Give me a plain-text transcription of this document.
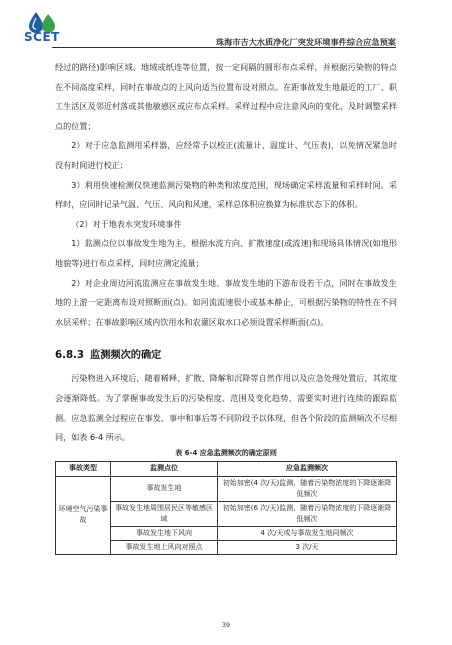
SCET	珠海市吉大水质净化厂突发环境事件综合应急预案

经过的路径)影响区域、地域或纸连等位置，按一定间隔的圆形布点采样，并根据污染物的特点在不同高度采样，同时在事故点的上风向适当位置布设对照点。在距事故发生地最近的工厂、职工生活区及邻近村落或其他敏感区或应布点采样。采样过程中应注意风向的变化，及时调整采样点的位置；

2）对于应急监测用采样器，应经常予以校正(流量计、温度计、气压表)，以免情况紧急时没有时间进行校正；

3）利用快速检测仪快速监测污染物的种类和浓度范围，现场确定采样流量和采样时间。采样时，应同时记录气温、气压、风向和风速，采样总体积应换算为标准状态下的体积。

（2）对于地表水突发环境事件

1）监测点位以事故发生地为主，根据水流方向、扩散速度(或流速)和现场具体情况(如地形地貌等)进行布点采样，同时应测定流量；

2）对企业周边河流监测应在事故发生地、事故发生地的下游布设若干点，同时在事故发生地的上游一定距离布设对照断面(点)。如河流流速很小或基本静止，可根据污染物的特性在不同水层采样；在事故影响区域内饮用水和农灌区取水口必须设置采样断面(点)。

6.8.3 监测频次的确定

污染物进入环境后，随着稀释、扩散、降解和沉降等自然作用以及应急处理处置后，其浓度会逐渐降低。为了掌握事故发生后的污染程度、范围及变化趋势，需要实时进行连续的跟踪监测。应急监测全过程应在事发、事中和事后等不同阶段予以体现，但各个阶段的监测频次不尽相同，如表 6-4 所示。

表 6-4 应急监测频次的确定原则

事故类型	监测点位	应急监测频次
环境空气污染事故	事故发生地	初始加密(4 次/天)监测，随着污染物浓度的下降逐渐降低频次
	事故发生地周围居民区等敏感区域	初始加密(6 次/天)监测，随着污染物浓度的下降逐渐降低频次
	事故发生地下风向	4 次/天或与事故发生地同频次
	事故发生地上风向对照点	3 次/天
39
